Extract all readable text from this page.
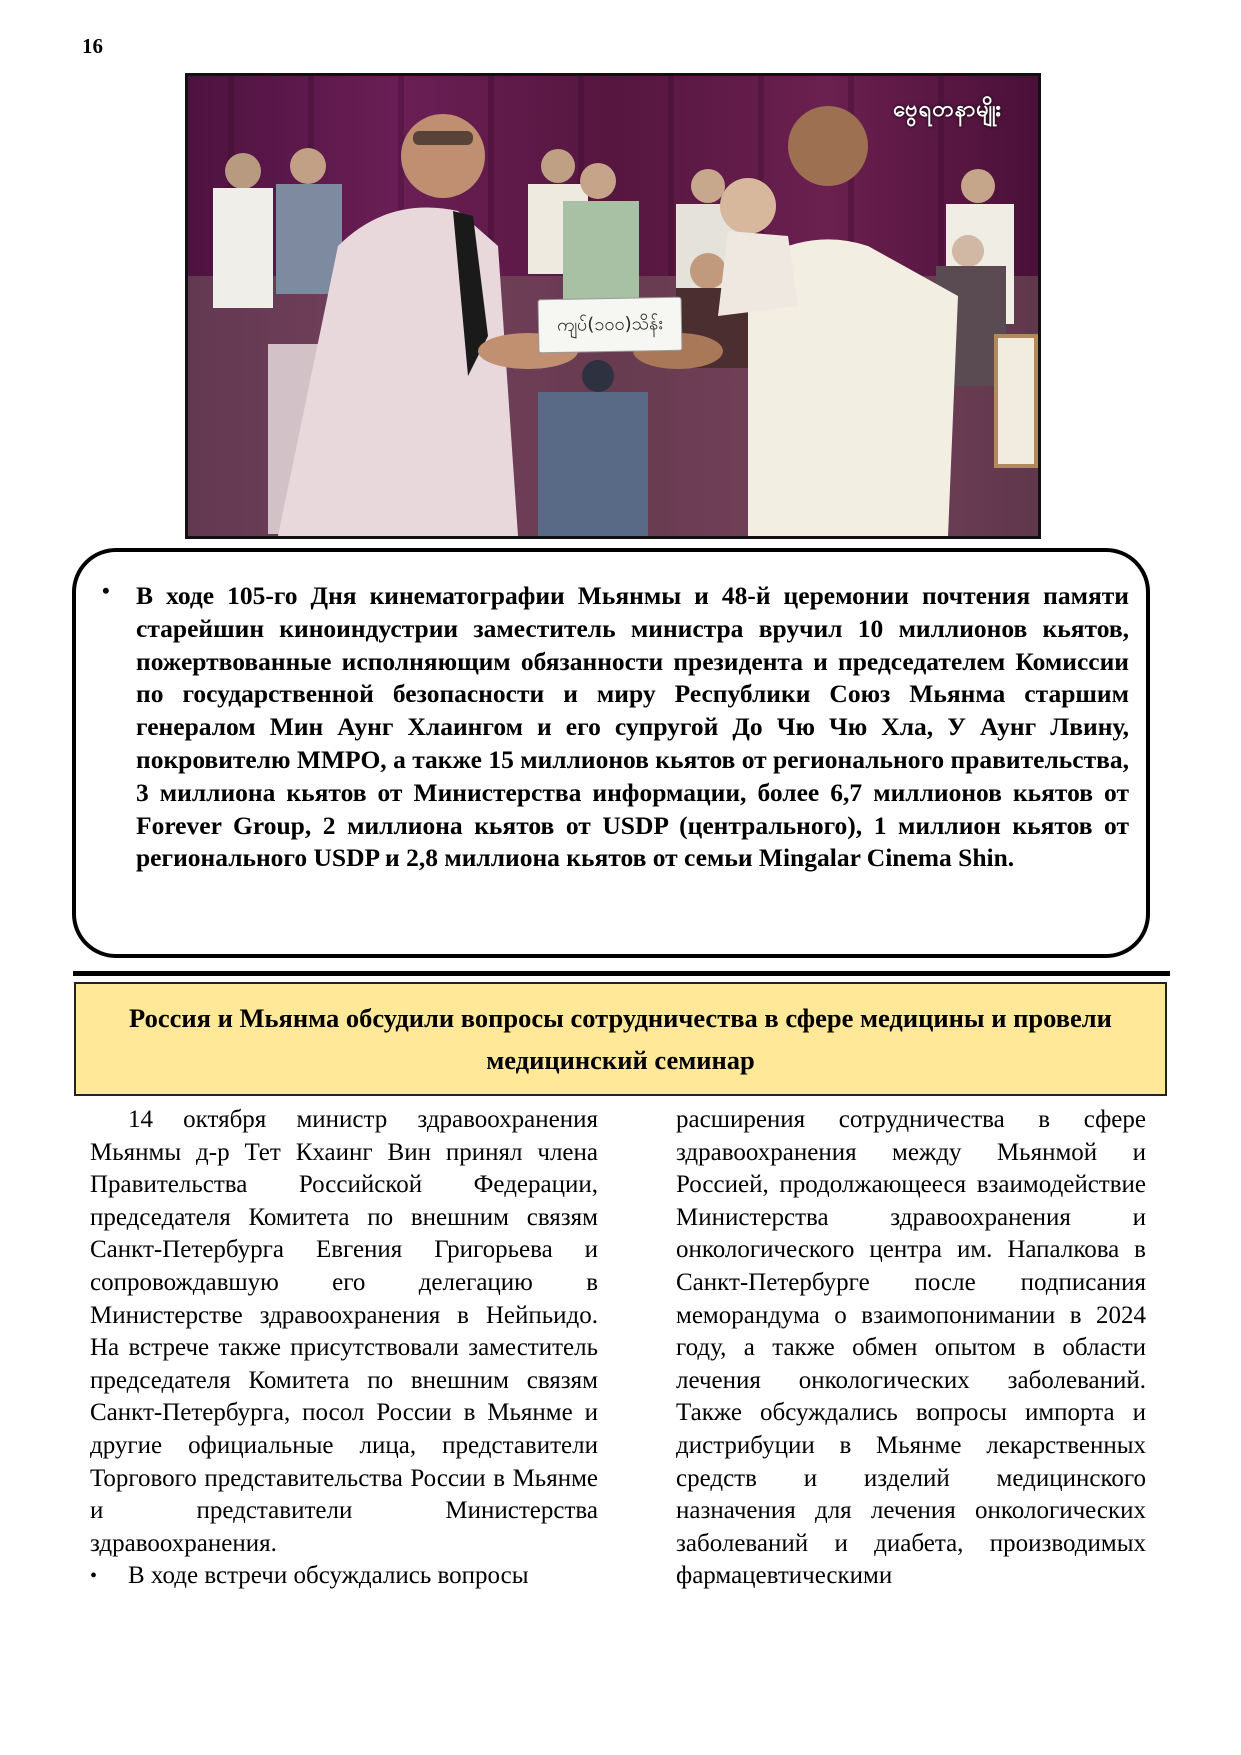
16
ဗွေရတနာမျိုး
ကျပ်(၁၀၀)သိန်း
• В ходе 105-го Дня кинематографии Мьянмы и 48-й церемонии почтения памяти старейшин киноиндустрии заместитель министра вручил 10 миллионов кьятов, пожертвованные исполняющим обязанности президента и председателем Комиссии по государственной безопасности и миру Республики Союз Мьянма старшим генералом Мин Аунг Хлаингом и его супругой До Чю Чю Хла, У Аунг Лвину, покровителю ММРО, а также 15 миллионов кьятов от регионального правительства, 3 миллиона кьятов от Министерства информации, более 6,7 миллионов кьятов от Forever Group, 2 миллиона кьятов от USDP (центрального), 1 миллион кьятов от регионального USDP и 2,8 миллиона кьятов от семьи Mingalar Cinema Shin.
Россия и Мьянма обсудили вопросы сотрудничества в сфере медицины и провели медицинский семинар

14 октября министр здравоохранения Мьянмы д-р Тет Кхаинг Вин принял члена Правительства Российской Федерации, председателя Комитета по внешним связям Санкт-Петербурга Евгения Григорьева и сопровождавшую его делегацию в Министерстве здравоохранения в Нейпьидо. На встрече также присутствовали заместитель председателя Комитета по внешним связям Санкт-Петербурга, посол России в Мьянме и другие официальные лица, представители Торгового представительства России в Мьянме и представители Министерства здравоохранения.

• В ходе встречи обсуждались вопросы

расширения сотрудничества в сфере здравоохранения между Мьянмой и Россией, продолжающееся взаимодействие Министерства здравоохранения и онкологического центра им. Напалкова в Санкт-Петербурге после подписания меморандума о взаимопонимании в 2024 году, а также обмен опытом в области лечения онкологических заболеваний. Также обсуждались вопросы импорта и дистрибуции в Мьянме лекарственных средств и изделий медицинского назначения для лечения онкологических заболеваний и диабета, производимых фармацевтическими
